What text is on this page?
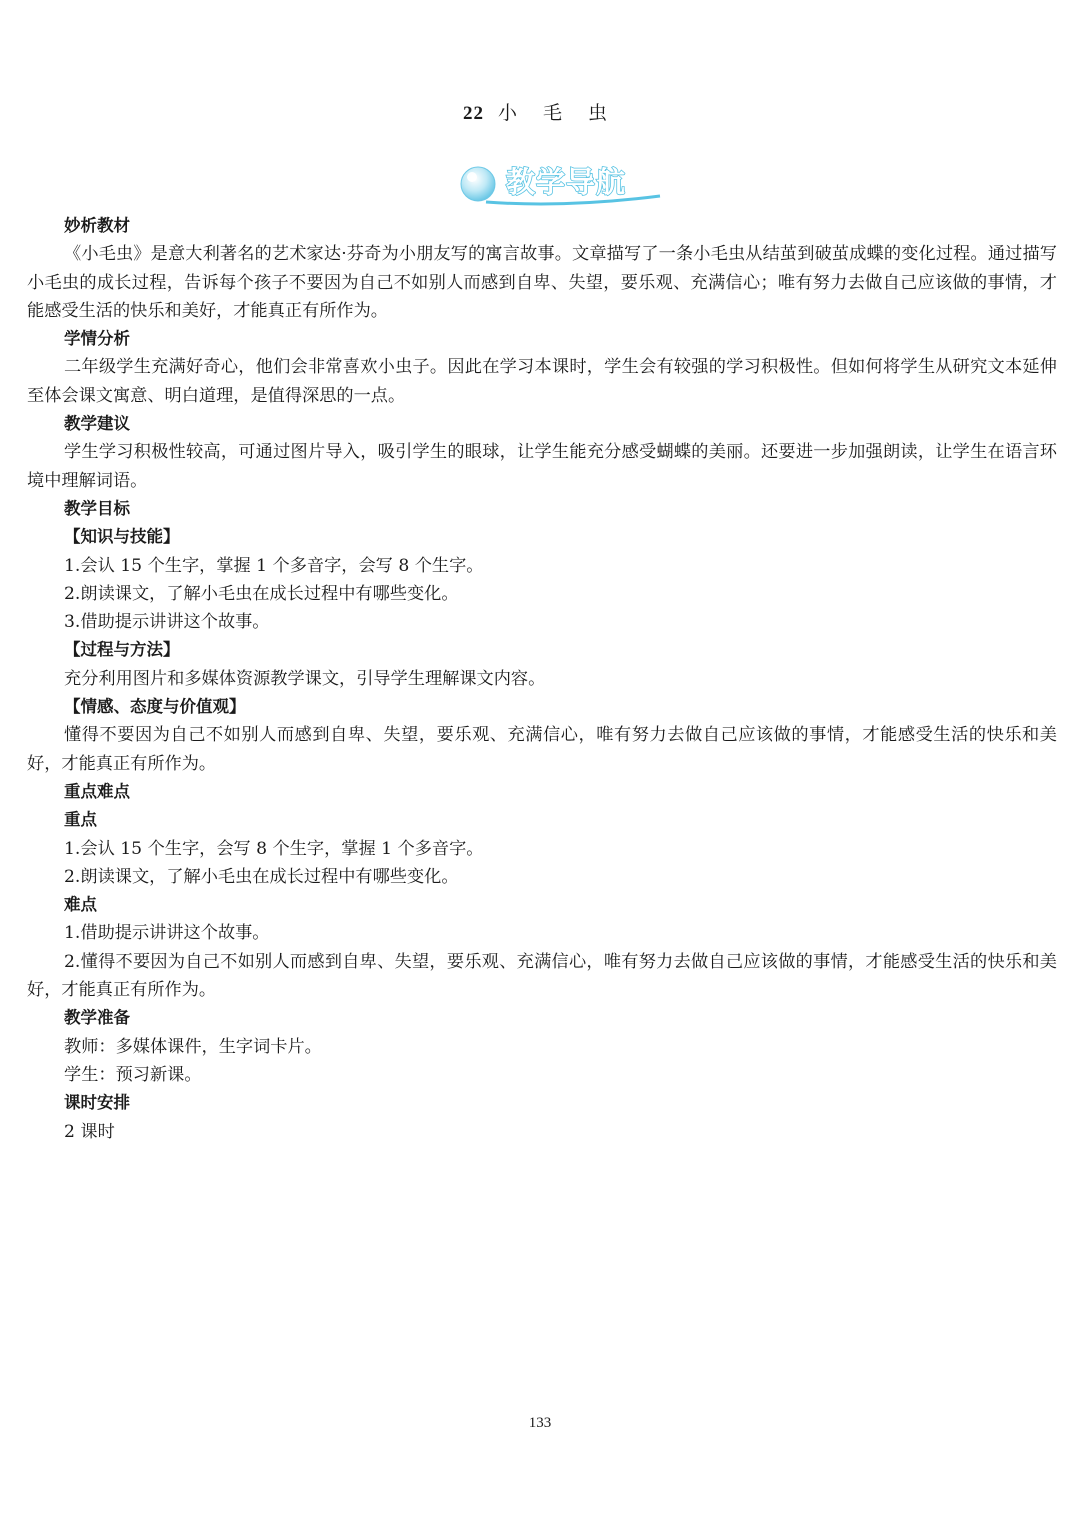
22 小 毛 虫
教学导航

妙析教材

《小毛虫》是意大利著名的艺术家达·芬奇为小朋友写的寓言故事。文章描写了一条小毛虫从结茧到破茧成蝶的变化过程。通过描写小毛虫的成长过程，告诉每个孩子不要因为自己不如别人而感到自卑、失望，要乐观、充满信心；唯有努力去做自己应该做的事情，才能感受生活的快乐和美好，才能真正有所作为。

学情分析

二年级学生充满好奇心，他们会非常喜欢小虫子。因此在学习本课时，学生会有较强的学习积极性。但如何将学生从研究文本延伸至体会课文寓意、明白道理，是值得深思的一点。

教学建议

学生学习积极性较高，可通过图片导入，吸引学生的眼球，让学生能充分感受蝴蝶的美丽。还要进一步加强朗读，让学生在语言环境中理解词语。

教学目标

【知识与技能】

1.会认 15 个生字，掌握 1 个多音字，会写 8 个生字。

2.朗读课文，了解小毛虫在成长过程中有哪些变化。

3.借助提示讲讲这个故事。

【过程与方法】

充分利用图片和多媒体资源教学课文，引导学生理解课文内容。

【情感、态度与价值观】

懂得不要因为自己不如别人而感到自卑、失望，要乐观、充满信心，唯有努力去做自己应该做的事情，才能感受生活的快乐和美好，才能真正有所作为。

重点难点

重点

1.会认 15 个生字，会写 8 个生字，掌握 1 个多音字。

2.朗读课文，了解小毛虫在成长过程中有哪些变化。

难点

1.借助提示讲讲这个故事。

2.懂得不要因为自己不如别人而感到自卑、失望，要乐观、充满信心，唯有努力去做自己应该做的事情，才能感受生活的快乐和美好，才能真正有所作为。

教学准备

教师：多媒体课件，生字词卡片。

学生：预习新课。

课时安排

2 课时

133
